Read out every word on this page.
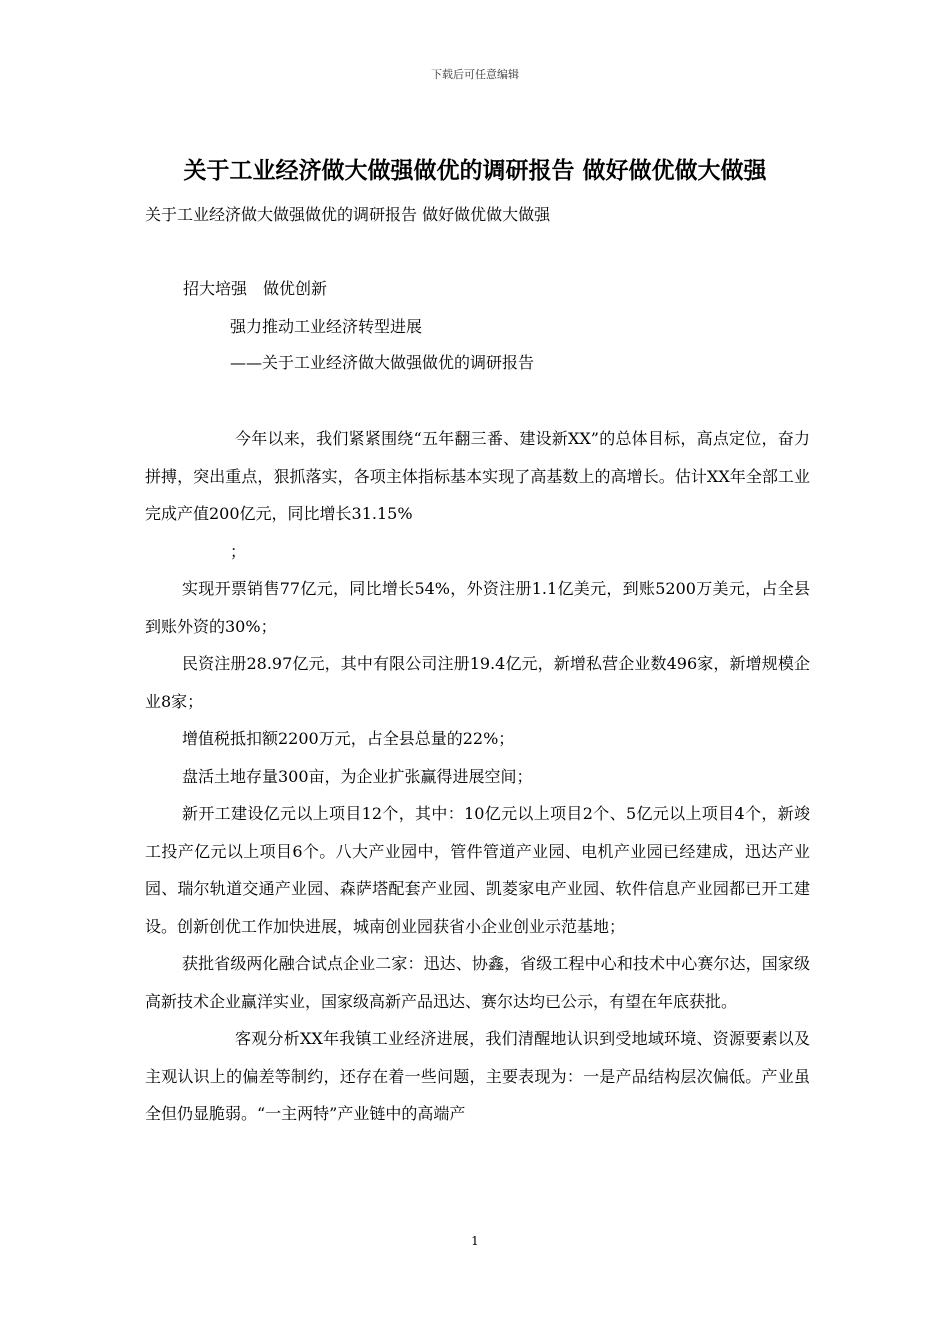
下载后可任意编辑
关于工业经济做大做强做优的调研报告 做好做优做大做强
关于工业经济做大做强做优的调研报告 做好做优做大做强
招大培强　做优创新
强力推动工业经济转型进展
——关于工业经济做大做强做优的调研报告

今年以来，我们紧紧围绕“五年翻三番、建设新XX”的总体目标，高点定位，奋力拼搏，突出重点，狠抓落实，各项主体指标基本实现了高基数上的高增长。估计XX年全部工业完成产值200亿元，同比增长31.15%

；

实现开票销售77亿元，同比增长54%，外资注册1.1亿美元，到账5200万美元，占全县到账外资的30%；

民资注册28.97亿元，其中有限公司注册19.4亿元，新增私营企业数496家，新增规模企业8家；

增值税抵扣额2200万元，占全县总量的22%；

盘活土地存量300亩，为企业扩张赢得进展空间；

新开工建设亿元以上项目12个，其中：10亿元以上项目2个、5亿元以上项目4个，新竣工投产亿元以上项目6个。八大产业园中，管件管道产业园、电机产业园已经建成，迅达产业园、瑞尔轨道交通产业园、森萨塔配套产业园、凯菱家电产业园、软件信息产业园都已开工建设。创新创优工作加快进展，城南创业园获省小企业创业示范基地；

获批省级两化融合试点企业二家：迅达、协鑫，省级工程中心和技术中心赛尔达，国家级高新技术企业赢洋实业，国家级高新产品迅达、赛尔达均已公示，有望在年底获批。

客观分析XX年我镇工业经济进展，我们清醒地认识到受地域环境、资源要素以及主观认识上的偏差等制约，还存在着一些问题，主要表现为：一是产品结构层次偏低。产业虽全但仍显脆弱。“一主两特”产业链中的高端产

1
